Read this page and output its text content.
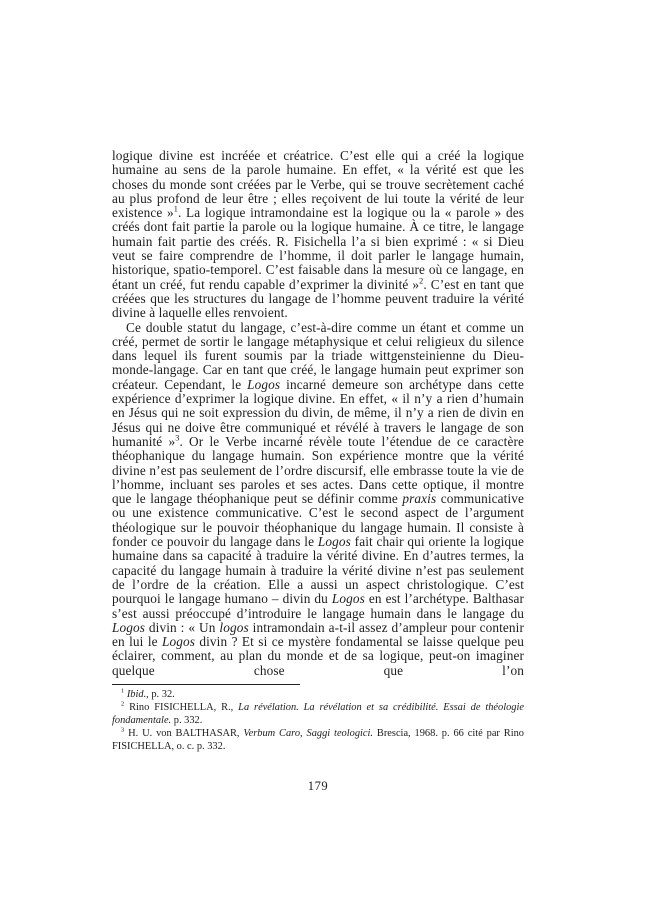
logique divine est incréée et créatrice. C’est elle qui a créé la logique humaine au sens de la parole humaine. En effet, « la vérité est que les choses du monde sont créées par le Verbe, qui se trouve secrètement caché au plus profond de leur être ; elles reçoivent de lui toute la vérité de leur existence »$^1$. La logique intramondaine est la logique ou la « parole » des créés dont fait partie la parole ou la logique humaine. À ce titre, le langage humain fait partie des créés. R. Fisichella l’a si bien exprimé : « si Dieu veut se faire comprendre de l’homme, il doit parler le langage humain, historique, spatio-temporel. C’est faisable dans la mesure où ce langage, en étant un créé, fut rendu capable d’exprimer la divinité »$^2$. C’est en tant que créées que les structures du langage de l’homme peuvent traduire la vérité divine à laquelle elles renvoient.

Ce double statut du langage, c’est-à-dire comme un étant et comme un créé, permet de sortir le langage métaphysique et celui religieux du silence dans lequel ils furent soumis par la triade wittgensteinienne du Dieu-monde-langage. Car en tant que créé, le langage humain peut exprimer son créateur. Cependant, le Logos incarné demeure son archétype dans cette expérience d’exprimer la logique divine. En effet, « il n’y a rien d’humain en Jésus qui ne soit expression du divin, de même, il n’y a rien de divin en Jésus qui ne doive être communiqué et révélé à travers le langage de son humanité »$^3$. Or le Verbe incarné révèle toute l’étendue de ce caractère théophanique du langage humain. Son expérience montre que la vérité divine n’est pas seulement de l’ordre discursif, elle embrasse toute la vie de l’homme, incluant ses paroles et ses actes. Dans cette optique, il montre que le langage théophanique peut se définir comme praxis communicative ou une existence communicative. C’est le second aspect de l’argument théologique sur le pouvoir théophanique du langage humain. Il consiste à fonder ce pouvoir du langage dans le Logos fait chair qui oriente la logique humaine dans sa capacité à traduire la vérité divine. En d’autres termes, la capacité du langage humain à traduire la vérité divine n’est pas seulement de l’ordre de la création. Elle a aussi un aspect christologique. C’est pourquoi le langage humano – divin du Logos en est l’archétype. Balthasar s’est aussi préoccupé d’introduire le langage humain dans le langage du Logos divin : « Un logos intramondain a-t-il assez d’ampleur pour contenir en lui le Logos divin ? Et si ce mystère fondamental se laisse quelque peu éclairer, comment, au plan du monde et de sa logique, peut-on imaginer quelque chose que l’on

$^1$ Ibid., p. 32.

$^2$ Rino FISICHELLA, R., La révélation. La révélation et sa crédibilité. Essai de théologie fondamentale. p. 332.

$^3$ H. U. von BALTHASAR, Verbum Caro, Saggi teologici. Brescia, 1968. p. 66 cité par Rino FISICHELLA, o. c. p. 332.

179
